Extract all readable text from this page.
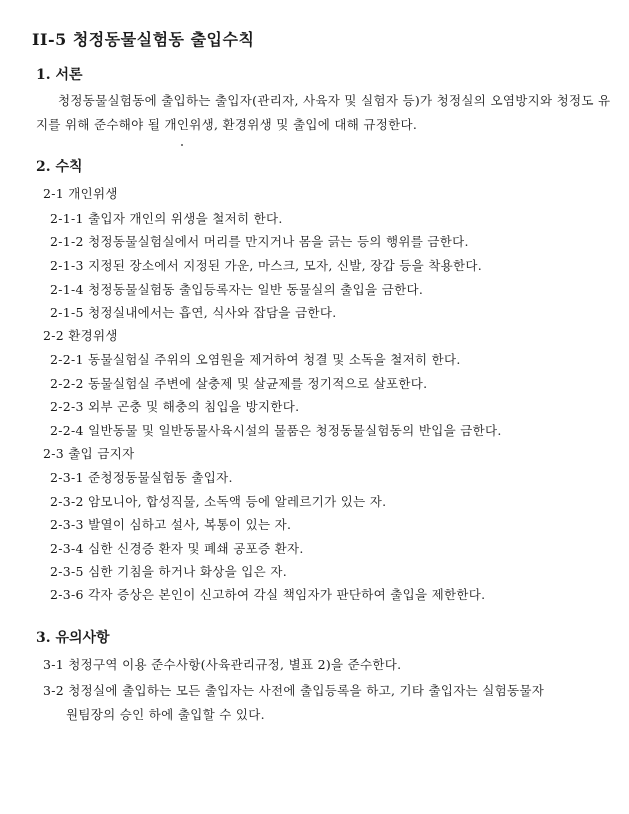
II-5 청정동물실험동 출입수칙
1. 서론
청정동물실험동에 출입하는 출입자(관리자, 사육자 및 실험자 등)가 청정실의 오염방지와 청정도 유
지를 위해 준수해야 될 개인위생, 환경위생 및 출입에 대해 규정한다.
2. 수칙
2-1 개인위생
2-1-1 출입자 개인의 위생을 철저히 한다.
2-1-2 청정동물실험실에서 머리를 만지거나 몸을 긁는 등의 행위를 금한다.
2-1-3 지정된 장소에서 지정된 가운, 마스크, 모자, 신발, 장갑 등을 착용한다.
2-1-4 청정동물실험동 출입등록자는 일반 동물실의 출입을 금한다.
2-1-5 청정실내에서는 흡연, 식사와 잡담을 금한다.
2-2 환경위생
2-2-1 동물실험실 주위의 오염원을 제거하여 청결 및 소독을 철저히 한다.
2-2-2 동물실험실 주변에 살충제 및 살균제를 정기적으로 살포한다.
2-2-3 외부 곤충 및 해충의 침입을 방지한다.
2-2-4 일반동물 및 일반동물사육시설의 물품은 청정동물실험동의 반입을 금한다.
2-3 출입 금지자
2-3-1 준청정동물실험동 출입자.
2-3-2 암모니아, 합성직물, 소독액 등에 알레르기가 있는 자.
2-3-3 발열이 심하고 설사, 복통이 있는 자.
2-3-4 심한 신경증 환자 및 폐쇄 공포증 환자.
2-3-5 심한 기침을 하거나 화상을 입은 자.
2-3-6 각자 증상은 본인이 신고하여 각실 책임자가 판단하여 출입을 제한한다.
3. 유의사항
3-1 청정구역 이용 준수사항(사육관리규정, 별표 2)을 준수한다.
3-2 청정실에 출입하는 모든 출입자는 사전에 출입등록을 하고, 기타 출입자는 실험동물자
원팀장의 승인 하에 출입할 수 있다.
